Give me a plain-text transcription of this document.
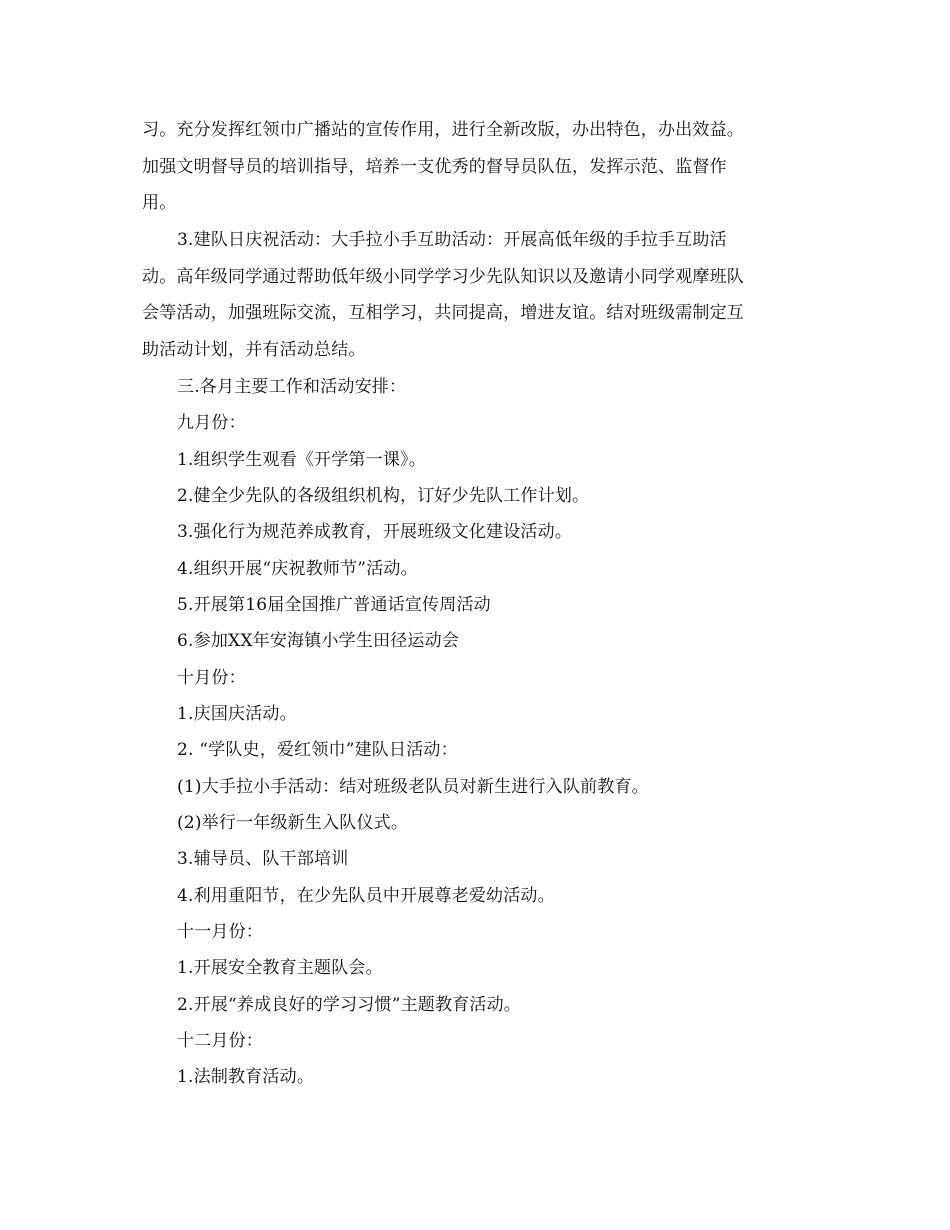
习。充分发挥红领巾广播站的宣传作用，进行全新改版，办出特色，办出效益。
加强文明督导员的培训指导，培养一支优秀的督导员队伍，发挥示范、监督作
用。
3.建队日庆祝活动：大手拉小手互助活动：开展高低年级的手拉手互助活
动。高年级同学通过帮助低年级小同学学习少先队知识以及邀请小同学观摩班队
会等活动，加强班际交流，互相学习，共同提高，增进友谊。结对班级需制定互
助活动计划，并有活动总结。
三.各月主要工作和活动安排：
九月份：
1.组织学生观看《开学第一课》。
2.健全少先队的各级组织机构，订好少先队工作计划。
3.强化行为规范养成教育，开展班级文化建设活动。
4.组织开展“庆祝教师节”活动。
5.开展第16届全国推广普通话宣传周活动
6.参加XX年安海镇小学生田径运动会
十月份：
1.庆国庆活动。
2. “学队史，爱红领巾”建队日活动：
(1)大手拉小手活动：结对班级老队员对新生进行入队前教育。
(2)举行一年级新生入队仪式。
3.辅导员、队干部培训
4.利用重阳节，在少先队员中开展尊老爱幼活动。
十一月份：
1.开展安全教育主题队会。
2.开展“养成良好的学习习惯”主题教育活动。
十二月份：
1.法制教育活动。
